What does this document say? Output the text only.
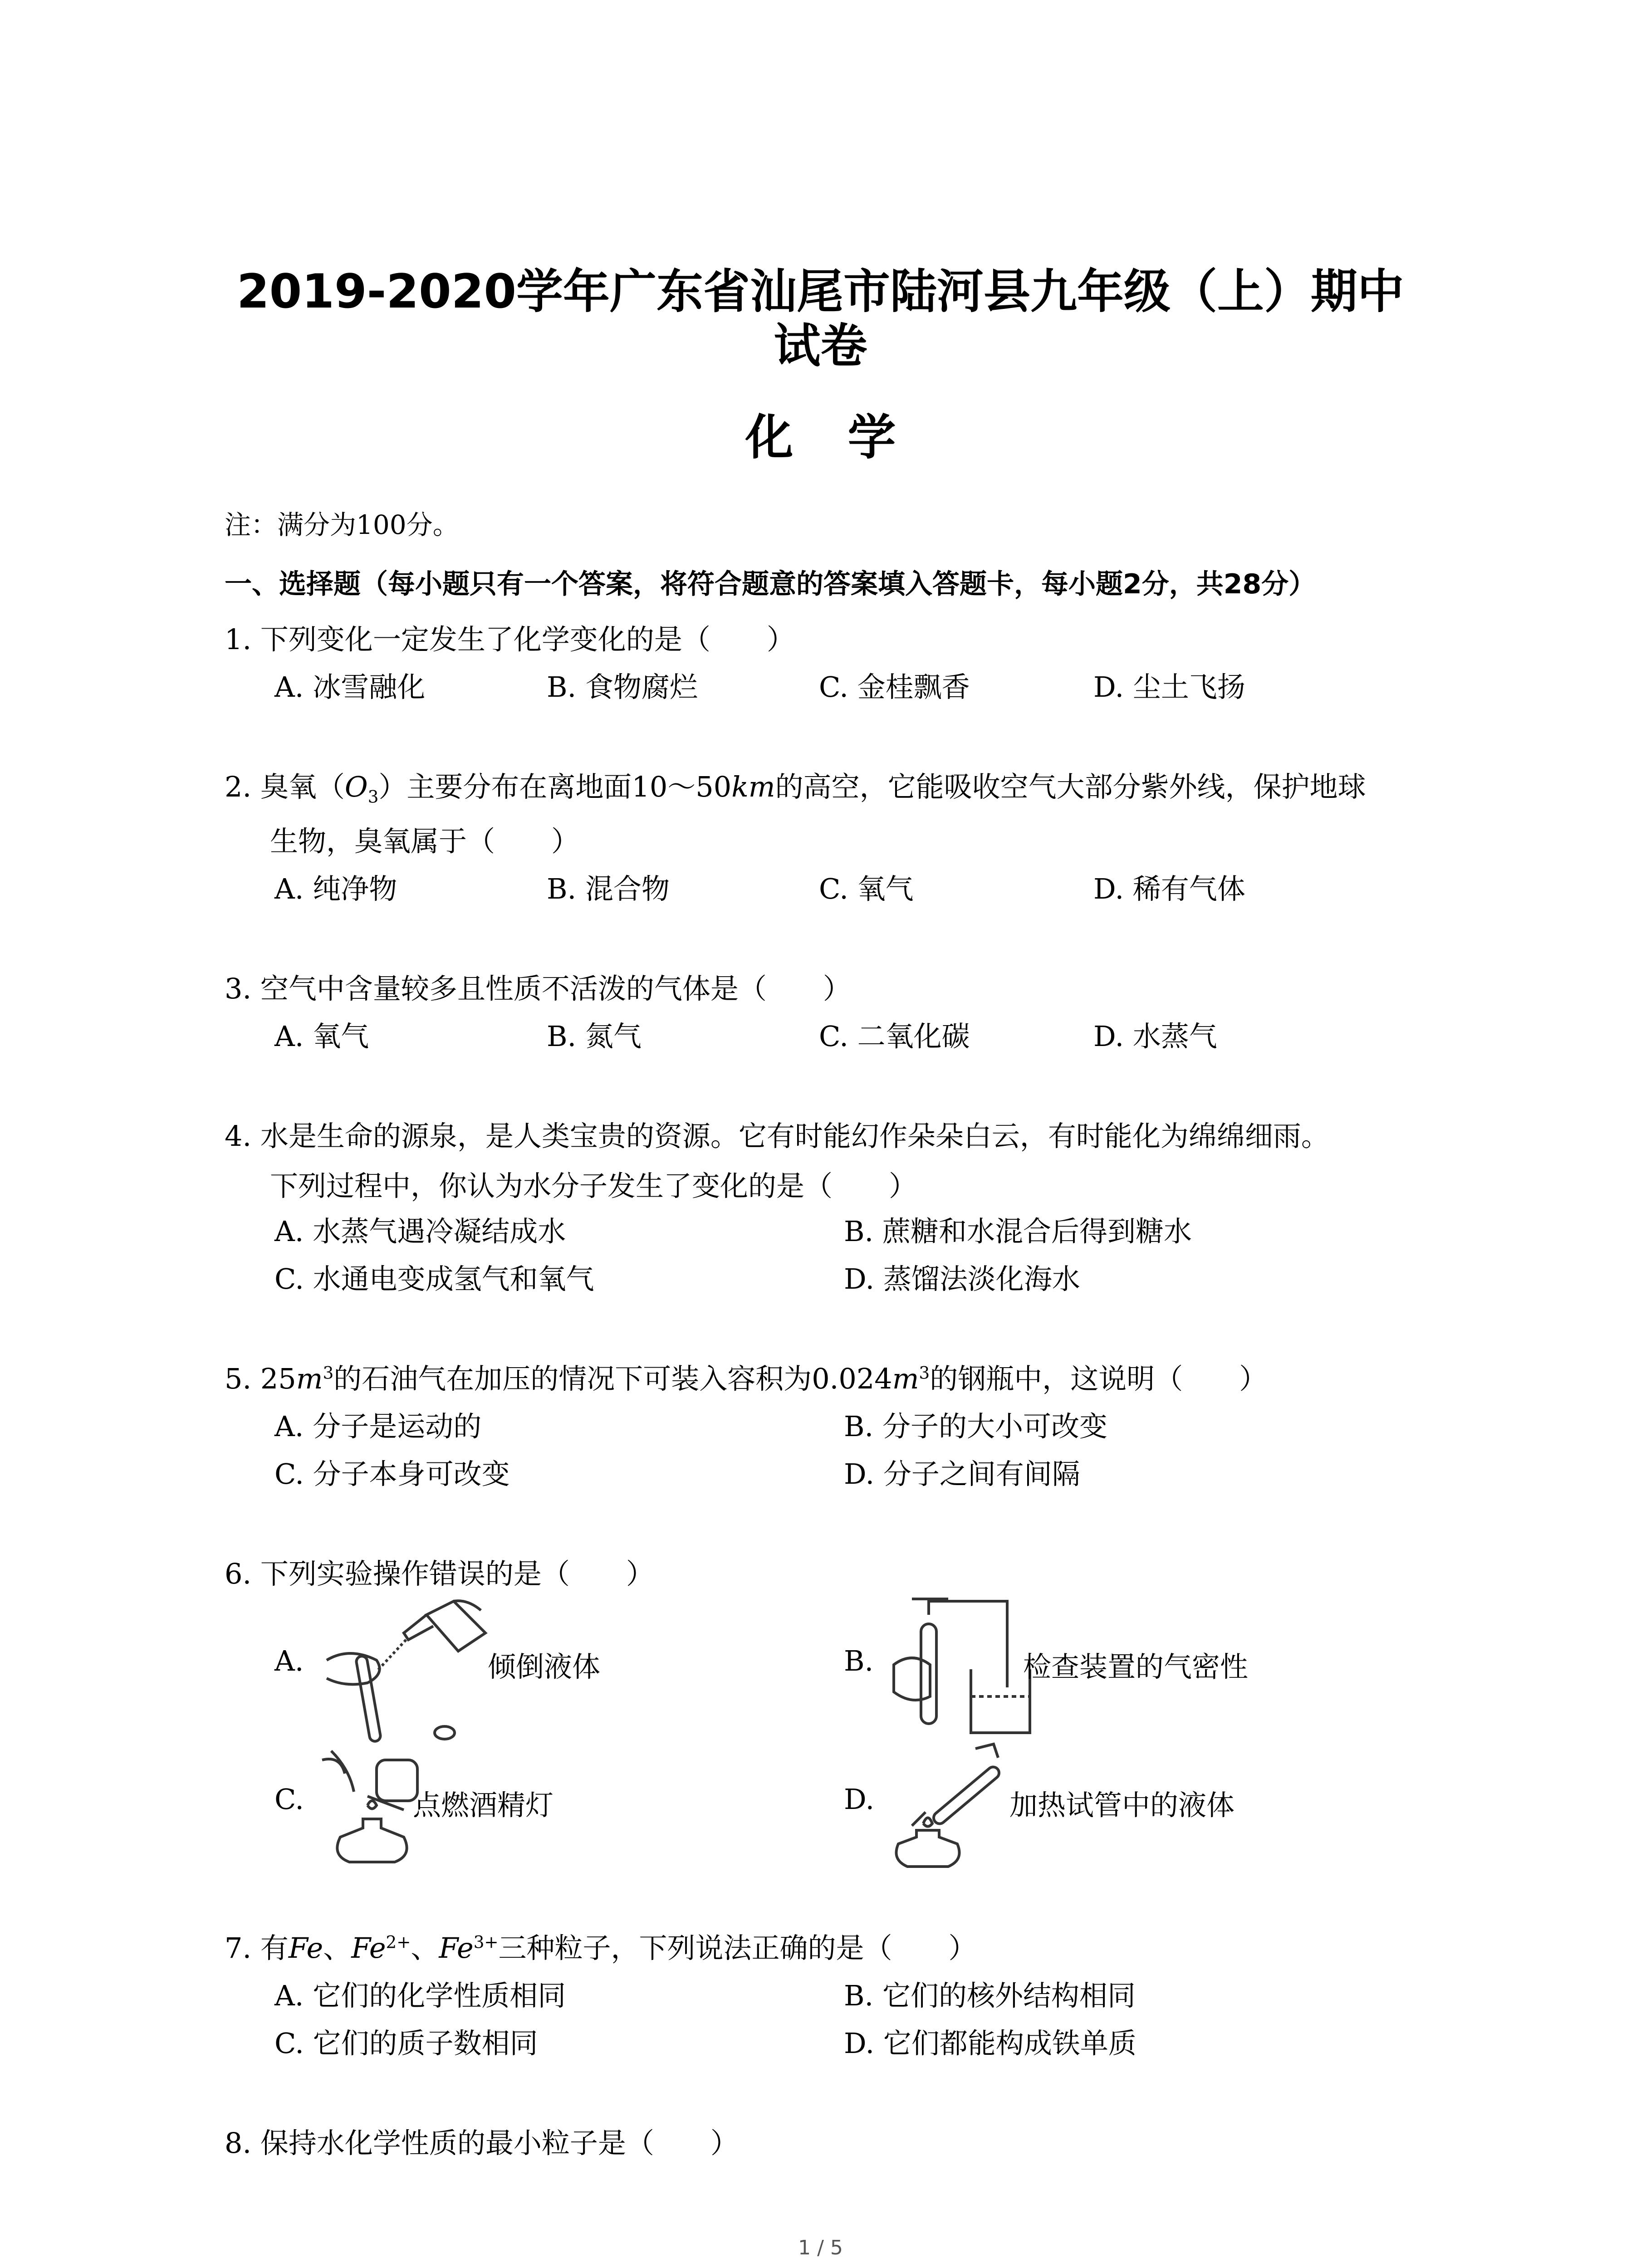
2019-2020学年广东省汕尾市陆河县九年级（上）期中
试卷
化学
注：满分为100分。
一、选择题（每小题只有一个答案，将符合题意的答案填入答题卡，每小题2分，共28分）
1. 下列变化一定发生了化学变化的是（　　）
A. 冰雪融化	B. 食物腐烂	C. 金桂飘香	D. 尘土飞扬
2. 臭氧$(O_3)$主要分布在离地面10～50km的高空，它能吸收空气大部分紫外线，保护地球
生物，臭氧属于（　　）
A. 纯净物	B. 混合物	C. 氧气	D. 稀有气体
3. 空气中含量较多且性质不活泼的气体是（　　）
A. 氧气	B. 氮气	C. 二氧化碳	D. 水蒸气
4. 水是生命的源泉，是人类宝贵的资源。它有时能幻作朵朵白云，有时能化为绵绵细雨。
下列过程中，你认为水分子发生了变化的是（　　）
A. 水蒸气遇冷凝结成水	B. 蔗糖和水混合后得到糖水
C. 水通电变成氢气和氧气	D. 蒸馏法淡化海水
5. $25m^3$的石油气在加压的情况下可装入容积为$0.024m^3$的钢瓶中，这说明（　　）
A. 分子是运动的	B. 分子的大小可改变
C. 分子本身可改变	D. 分子之间有间隔
6. 下列实验操作错误的是（　　）
A.	倾倒液体	B.	检查装置的气密性
C.	点燃酒精灯	D.	加热试管中的液体
7. 有Fe、$Fe^{2+}$、$Fe^{3+}$三种粒子，下列说法正确的是（　　）
A. 它们的化学性质相同	B. 它们的核外结构相同
C. 它们的质子数相同	D. 它们都能构成铁单质
8. 保持水化学性质的最小粒子是（　　）
1 / 5
